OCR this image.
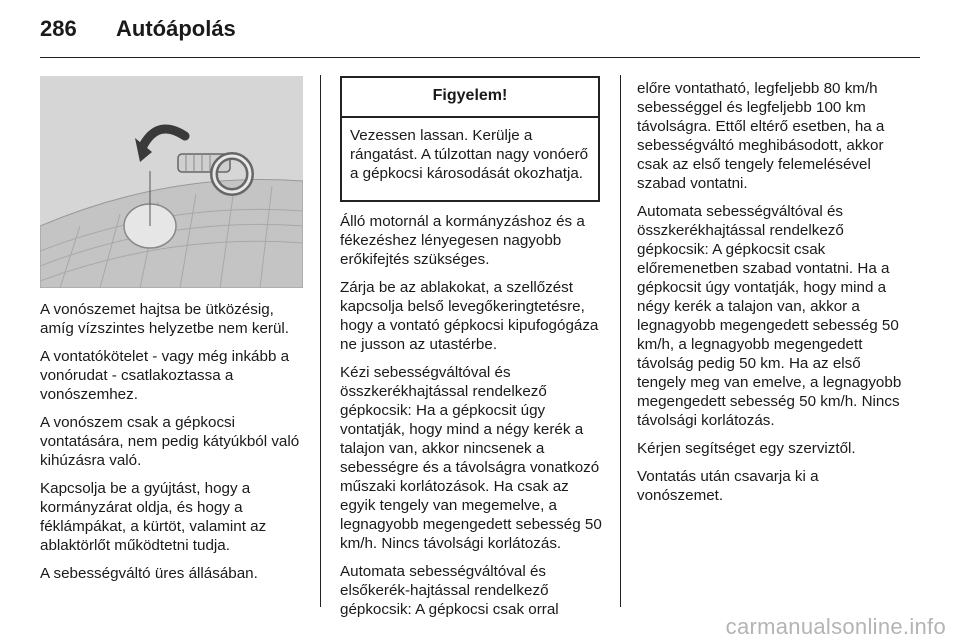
286 Autóápolás

A vonószemet hajtsa be ütközésig, amíg vízszintes helyzetbe nem kerül.

A vontatókötelet - vagy még inkább a vonórudat - csatlakoztassa a vonószemhez.

A vonószem csak a gépkocsi vontatására, nem pedig kátyúkból való kihúzásra való.

Kapcsolja be a gyújtást, hogy a kormányzárat oldja, és hogy a féklámpákat, a kürtöt, valamint az ablaktörlőt működtetni tudja.

A sebességváltó üres állásában.

Figyelem!
Vezessen lassan. Kerülje a rángatást. A túlzottan nagy vonóerő a gépkocsi károsodását okozhatja.

Álló motornál a kormányzáshoz és a fékezéshez lényegesen nagyobb erőkifejtés szükséges.

Zárja be az ablakokat, a szellőzést kapcsolja belső levegőkeringtetésre, hogy a vontató gépkocsi kipufogógáza ne jusson az utastérbe.

Kézi sebességváltóval és összkerékhajtással rendelkező gépkocsik: Ha a gépkocsit úgy vontatják, hogy mind a négy kerék a talajon van, akkor nincsenek a sebességre és a távolságra vonatkozó műszaki korlátozások. Ha csak az egyik tengely van megemelve, a legnagyobb megengedett sebesség 50 km/h. Nincs távolsági korlátozás.

Automata sebességváltóval és elsőkerék-hajtással rendelkező gépkocsik: A gépkocsi csak orral

előre vontatható, legfeljebb 80 km/h sebességgel és legfeljebb 100 km távolságra. Ettől eltérő esetben, ha a sebességváltó meghibásodott, akkor csak az első tengely felemelésével szabad vontatni.

Automata sebességváltóval és összkerékhajtással rendelkező gépkocsik: A gépkocsit csak előremenetben szabad vontatni. Ha a gépkocsit úgy vontatják, hogy mind a négy kerék a talajon van, akkor a legnagyobb megengedett sebesség 50 km/h, a legnagyobb megengedett távolság pedig 50 km. Ha az első tengely meg van emelve, a legnagyobb megengedett sebesség 50 km/h. Nincs távolsági korlátozás.

Kérjen segítséget egy szerviztől.

Vontatás után csavarja ki a vonószemet.

carmanualsonline.info
